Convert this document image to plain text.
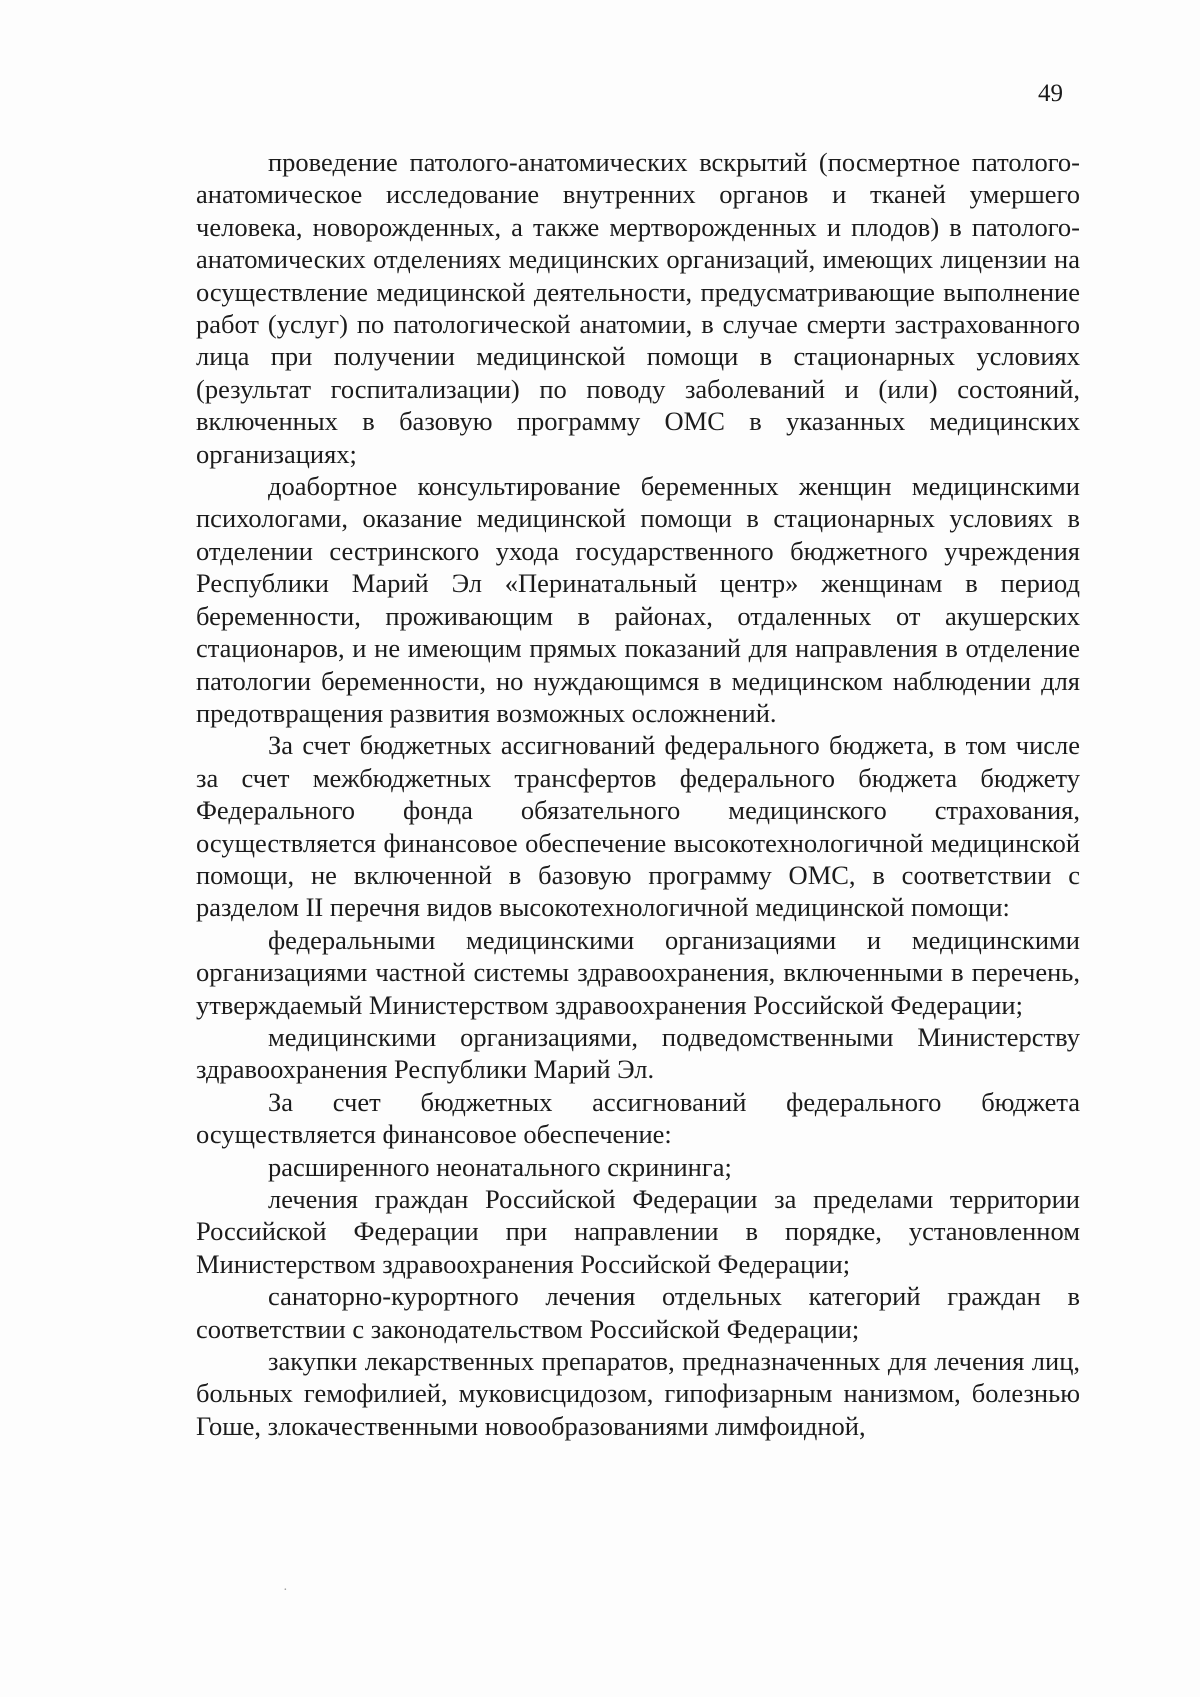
49

проведение патолого-анатомических вскрытий (посмертное патолого-анатомическое исследование внутренних органов и тканей умершего человека, новорожденных, а также мертворожденных и плодов) в патолого-анатомических отделениях медицинских организаций, имеющих лицензии на осуществление медицинской деятельности, предусматривающие выполнение работ (услуг) по патологической анатомии, в случае смерти застрахованного лица при получении медицинской помощи в стационарных условиях (результат госпитализации) по поводу заболеваний и (или) состояний, включенных в базовую программу ОМС в указанных медицинских организациях;

доабортное консультирование беременных женщин медицинскими психологами, оказание медицинской помощи в стационарных условиях в отделении сестринского ухода государственного бюджетного учреждения Республики Марий Эл «Перинатальный центр» женщинам в период беременности, проживающим в районах, отдаленных от акушерских стационаров, и не имеющим прямых показаний для направления в отделение патологии беременности, но нуждающимся в медицинском наблюдении для предотвращения развития возможных осложнений.

За счет бюджетных ассигнований федерального бюджета, в том числе за счет межбюджетных трансфертов федерального бюджета бюджету Федерального фонда обязательного медицинского страхования, осуществляется финансовое обеспечение высокотехнологичной медицинской помощи, не включенной в базовую программу ОМС, в соответствии с разделом II перечня видов высокотехнологичной медицинской помощи:

федеральными медицинскими организациями и медицинскими организациями частной системы здравоохранения, включенными в перечень, утверждаемый Министерством здравоохранения Российской Федерации;

медицинскими организациями, подведомственными Министерству здравоохранения Республики Марий Эл.

За счет бюджетных ассигнований федерального бюджета осуществляется финансовое обеспечение:

расширенного неонатального скрининга;

лечения граждан Российской Федерации за пределами территории Российской Федерации при направлении в порядке, установленном Министерством здравоохранения Российской Федерации;

санаторно-курортного лечения отдельных категорий граждан в соответствии с законодательством Российской Федерации;

закупки лекарственных препаратов, предназначенных для лечения лиц, больных гемофилией, муковисцидозом, гипофизарным нанизмом, болезнью Гоше, злокачественными новообразованиями лимфоидной,

·
